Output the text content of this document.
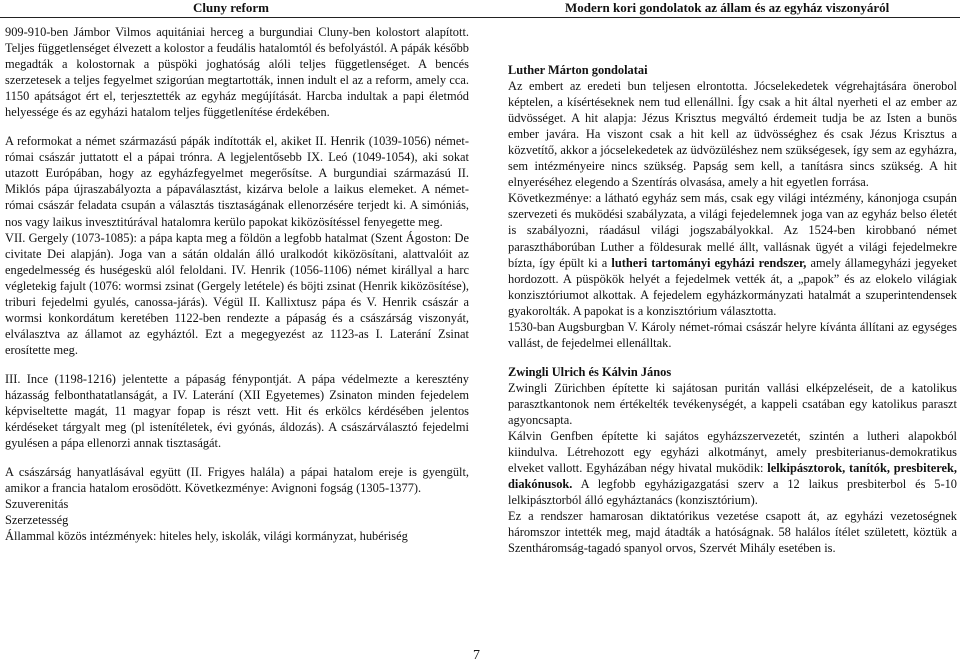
Cluny reform	Modern kori gondolatok az állam és az egyház viszonyáról

909-910-ben Jámbor Vilmos aquitániai herceg a burgundiai Cluny-ben kolostort alapított. Teljes függetlenséget élvezett a kolostor a feudális hatalomtól és befolyástól. A pápák később megadták a kolostornak a püspöki joghatóság alóli teljes függetlenséget. A bencés szerzetesek a teljes fegyelmet szigorúan megtartották, innen indult el az a reform, amely cca. 1150 apátságot ért el, terjesztették az egyház megújítását. Harcba indultak a papi életmód helyessége és az egyházi hatalom teljes függetlenítése érdekében.

A reformokat a német származású pápák indították el, akiket II. Henrik (1039-1056) német-római császár juttatott el a pápai trónra. A legjelentősebb IX. Leó (1049-1054), aki sokat utazott Európában, hogy az egyházfegyelmet megerősítse. A burgundiai származású II. Miklós pápa újraszabályozta a pápaválasztást, kizárva belole a laikus elemeket. A német-római császár feladata csupán a választás tisztaságának ellenorzésére terjedt ki. A simóniás, nos vagy laikus invesztitúrával hatalomra kerülo papokat kiközösítéssel fenyegette meg.

VII. Gergely (1073-1085): a pápa kapta meg a földön a legfobb hatalmat (Szent Ágoston: De civitate Dei alapján). Joga van a sátán oldalán álló uralkodót kiközösítani, alattvalóit az engedelmesség és huségeskü alól feloldani. IV. Henrik (1056-1106) német királlyal a harc végletekig fajult (1076: wormsi zsinat (Gergely letétele) és böjti zsinat (Henrik kiközösítése), triburi fejedelmi gyulés, canossa-járás). Végül II. Kallixtusz pápa és V. Henrik császár a wormsi konkordátum keretében 1122-ben rendezte a pápaság és a császárság viszonyát, elválasztva az államot az egyháztól. Ezt a megegyezést az 1123-as I. Laterání Zsinat erosítette meg.

III. Ince (1198-1216) jelentette a pápaság fénypontját. A pápa védelmezte a keresztény házasság felbonthatatlanságát, a IV. Laterání (XII Egyetemes) Zsinaton minden fejedelem képviseltette magát, 11 magyar fopap is részt vett. Hit és erkölcs kérdésében jelentos kérdéseket tárgyalt meg (pl istenítéletek, évi gyónás, áldozás). A császárválasztó fejedelmi gyulésen a pápa ellenorzi annak tisztaságát.

A császárság hanyatlásával együtt (II. Frigyes halála) a pápai hatalom ereje is gyengült, amikor a francia hatalom erosödött. Következménye: Avignoni fogság (1305-1377).

Szuverenitás

Szerzetesség

Állammal közös intézmények: hiteles hely, iskolák, világi kormányzat, hubériség

Luther Márton gondolatai

Az embert az eredeti bun teljesen elrontotta. Jócselekedetek végrehajtására önerobol képtelen, a kísértéseknek nem tud ellenállni. Így csak a hit által nyerheti el az ember az üdvösséget. A hit alapja: Jézus Krisztus megváltó érdemeit tudja be az Isten a bunös ember javára. Ha viszont csak a hit kell az üdvösséghez és csak Jézus Krisztus a közvetítő, akkor a jócselekedetek az üdvözüléshez nem szükségesek, így sem az egyházra, sem intézményeire nincs szükség. Papság sem kell, a tanításra sincs szükség. A hit elnyeréséhez elegendo a Szentírás olvasása, amely a hit egyetlen forrása.

Következménye: a látható egyház sem más, csak egy világi intézmény, kánonjoga csupán szervezeti és muködési szabályzata, a világi fejedelemnek joga van az egyház belso életét is szabályozni, ráadásul világi jogszabályokkal. Az 1524-ben kirobbanó német parasztháborúban Luther a földesurak mellé állt, vallásnak ügyét a világi fejedelmekre bízta, így épült ki a lutheri tartományi egyházi rendszer, amely államegyházi jegyeket hordozott. A püspökök helyét a fejedelmek vették át, a „papok” és az elokelo világiak konzisztóriumot alkottak. A fejedelem egyházkormányzati hatalmát a szuperintendensek gyakorolták. A papokat is a konzisztórium választotta.

1530-ban Augsburgban V. Károly német-római császár helyre kívánta állítani az egységes vallást, de fejedelmei ellenálltak.

Zwingli Ulrich és Kálvin János

Zwingli Zürichben építette ki sajátosan puritán vallási elképzeléseit, de a katolikus parasztkantonok nem értékelték tevékenységét, a kappeli csatában egy katolikus paraszt agyoncsapta.

Kálvin Genfben építette ki sajátos egyházszervezetét, szintén a lutheri alapokból kiindulva. Létrehozott egy egyházi alkotmányt, amely presbiterianus-demokratikus elveket vallott. Egyházában négy hivatal muködik: lelkipásztorok, tanítók, presbiterek, diakónusok. A legfobb egyházigazgatási szerv a 12 laikus presbiterbol és 5-10 lelkipásztorból álló egyháztanács (konzisztórium).

Ez a rendszer hamarosan diktatórikus vezetése csapott át, az egyházi vezetoségnek háromszor intették meg, majd átadták a hatóságnak. 58 halálos ítélet született, köztük a Szentháromság-tagadó spanyol orvos, Szervét Mihály esetében is.

7
